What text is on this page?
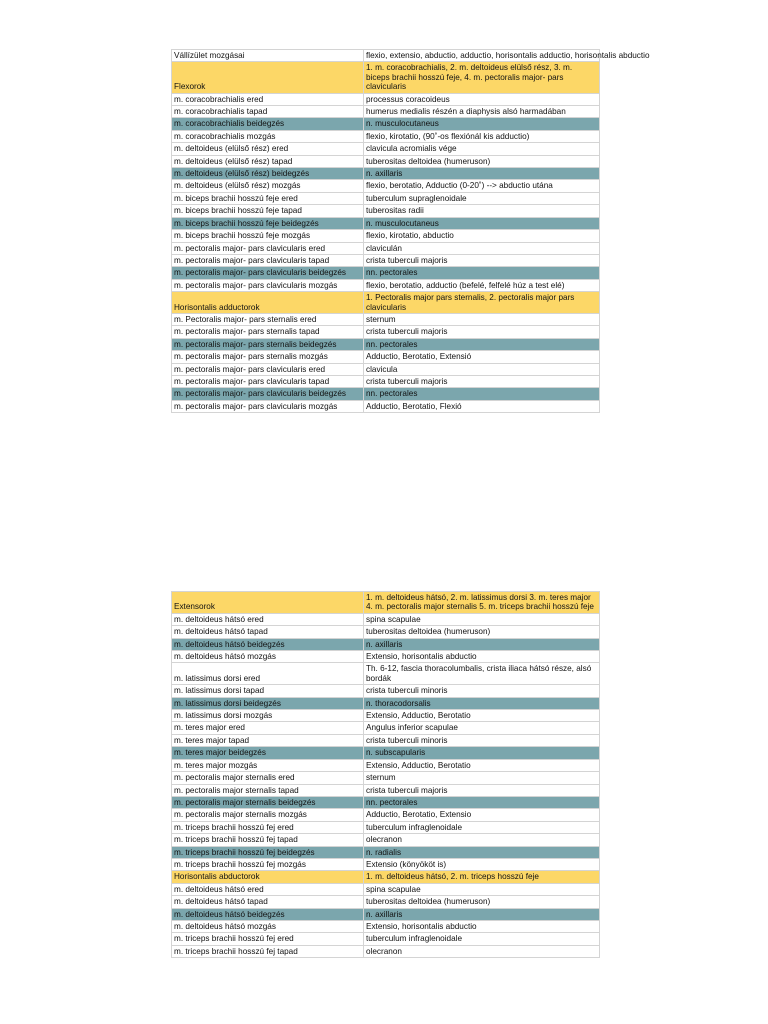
Vállízület mozgásai	flexio, extensio, abductio, adductio, horisontalis adductio, horisontalis abductio
Flexorok	1. m. coracobrachialis, 2. m. deltoideus elülső rész, 3. m. biceps brachii hosszú feje, 4. m. pectoralis major- pars clavicularis
m. coracobrachialis ered	processus coracoideus
m. coracobrachialis tapad	humerus medialis részén a diaphysis alsó harmadában
m. coracobrachialis beidegzés	n. musculocutaneus
m. coracobrachialis mozgás	flexio, kirotatio, (90˚-os flexiónál kis adductio)
m. deltoideus (elülső rész) ered	clavicula acromialis vége
m. deltoideus (elülső rész) tapad	tuberositas deltoidea (humeruson)
m. deltoideus (elülső rész) beidegzés	n. axillaris
m. deltoideus (elülső rész) mozgás	flexio, berotatio, Adductio (0-20˚) --> abductio utána
m. biceps brachii hosszú feje ered	tuberculum supraglenoidale
m. biceps brachii hosszú feje tapad	tuberositas radii
m. biceps brachii hosszú feje beidegzés	n. musculocutaneus
m. biceps brachii hosszú feje mozgás	flexio, kirotatio, abductio
m. pectoralis major- pars clavicularis ered	claviculán
m. pectoralis major- pars clavicularis tapad	crista tuberculi majoris
m. pectoralis major- pars clavicularis beidegzés	nn. pectorales
m. pectoralis major- pars clavicularis mozgás	flexio, berotatio, adductio (befelé, felfelé húz a test elé)
Horisontalis adductorok	1. Pectoralis major pars sternalis, 2. pectoralis major pars clavicularis
m. Pectoralis major- pars sternalis ered	sternum
m. pectoralis major- pars sternalis tapad	crista tuberculi majoris
m. pectoralis major- pars sternalis beidegzés	nn. pectorales
m. pectoralis major- pars sternalis mozgás	Adductio, Berotatio, Extensió
m. pectoralis major- pars clavicularis ered	clavicula
m. pectoralis major- pars clavicularis tapad	crista tuberculi majoris
m. pectoralis major- pars clavicularis beidegzés	nn. pectorales
m. pectoralis major- pars clavicularis mozgás	Adductio, Berotatio, Flexió
Extensorok	1. m. deltoideus hátsó, 2. m. latissimus dorsi 3. m. teres major 4. m. pectoralis major sternalis 5. m. triceps brachii hosszú feje
m. deltoideus hátsó ered	spina scapulae
m. deltoideus hátsó tapad	tuberositas deltoidea (humeruson)
m. deltoideus hátsó beidegzés	n. axillaris
m. deltoideus hátsó mozgás	Extensio, horisontalis abductio
m. latissimus dorsi ered	Th. 6-12, fascia thoracolumbalis, crista iliaca hátsó része, alsó bordák
m. latissimus dorsi tapad	crista tuberculi minoris
m. latissimus dorsi beidegzés	n. thoracodorsalis
m. latissimus dorsi mozgás	Extensio, Adductio, Berotatio
m. teres major ered	Angulus inferior scapulae
m. teres major tapad	crista tuberculi minoris
m. teres major beidegzés	n. subscapularis
m. teres major mozgás	Extensio, Adductio, Berotatio
m. pectoralis major sternalis ered	sternum
m. pectoralis major sternalis tapad	crista tuberculi majoris
m. pectoralis major sternalis beidegzés	nn. pectorales
m. pectoralis major sternalis mozgás	Adductio, Berotatio, Extensio
m. triceps brachii hosszú fej ered	tuberculum infraglenoidale
m. triceps brachii hosszú fej tapad	olecranon
m. triceps brachii hosszú fej beidegzés	n. radialis
m. triceps brachii hosszú fej mozgás	Extensio (könyököt is)
Horisontalis abductorok	1. m. deltoideus hátsó, 2. m. triceps hosszú feje
m. deltoideus hátsó ered	spina scapulae
m. deltoideus hátsó tapad	tuberositas deltoidea (humeruson)
m. deltoideus hátsó beidegzés	n. axillaris
m. deltoideus hátsó mozgás	Extensio, horisontalis abductio
m. triceps brachii hosszú fej ered	tuberculum infraglenoidale
m. triceps brachii hosszú fej tapad	olecranon
